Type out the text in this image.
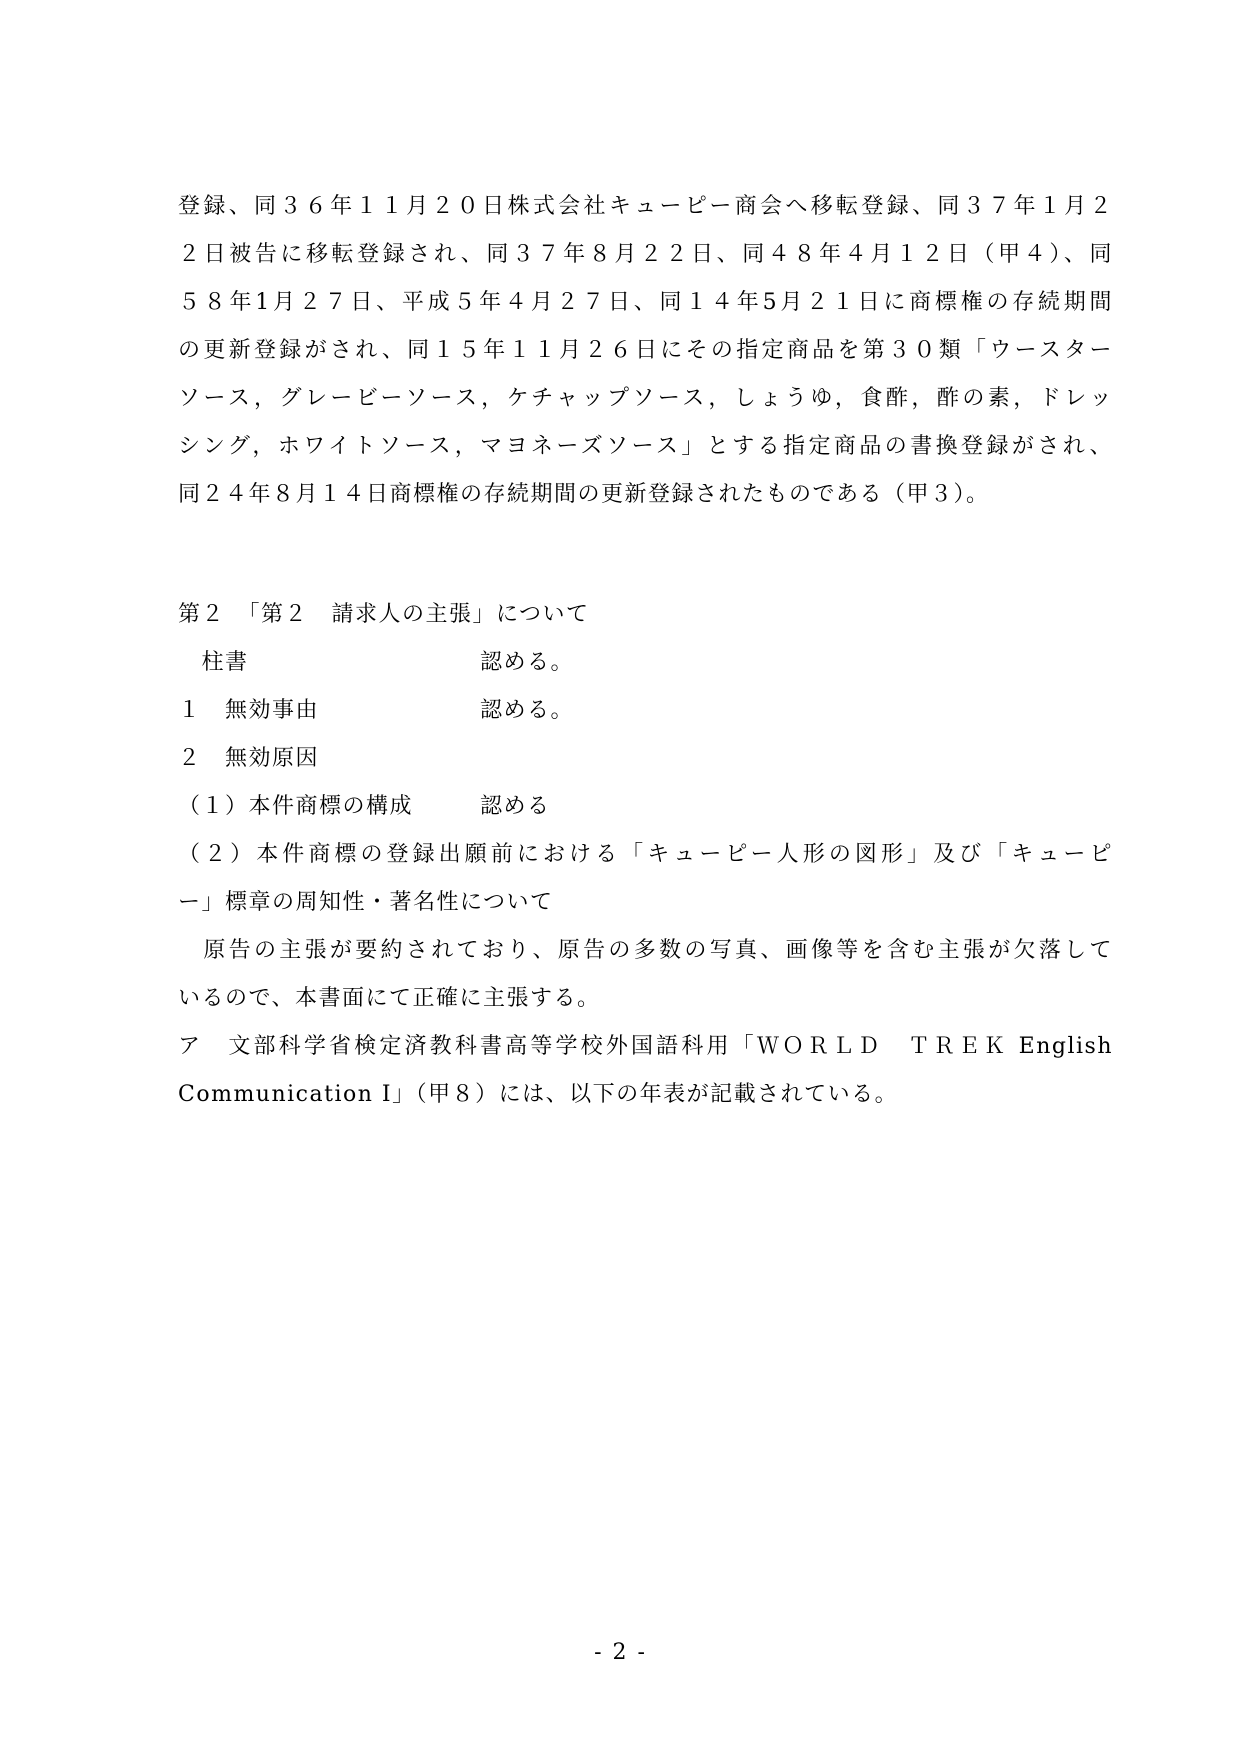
登録、同３６年１１月２０日株式会社キューピー商会へ移転登録、同３７年１月２
２日被告に移転登録され、同３７年８月２２日、同４８年４月１２日（甲４）、同
５８年1月２７日、平成５年４月２７日、同１４年5月２１日に商標権の存続期間
の更新登録がされ、同１５年１１月２６日にその指定商品を第３０類「ウースター
ソース，グレービーソース，ケチャップソース，しょうゆ，食酢，酢の素，ドレッ
シング，ホワイトソース，マヨネーズソース」とする指定商品の書換登録がされ、
同２４年８月１４日商標権の存続期間の更新登録されたものである（甲３）。
第２　「第２　請求人の主張」について
　柱書	認める。
１　無効事由	認める。
２　無効原因
（１）本件商標の構成	認める
（２）本件商標の登録出願前における「キューピー人形の図形」及び「キューピ
ー」標章の周知性・著名性について
　原告の主張が要約されており、原告の多数の写真、画像等を含む主張が欠落して
いるので、本書面にて正確に主張する。
ア　文部科学省検定済教科書高等学校外国語科用「ＷＯＲＬＤ　ＴＲＥＫ English
Communication I」（甲８）には、以下の年表が記載されている。
- 2 -
